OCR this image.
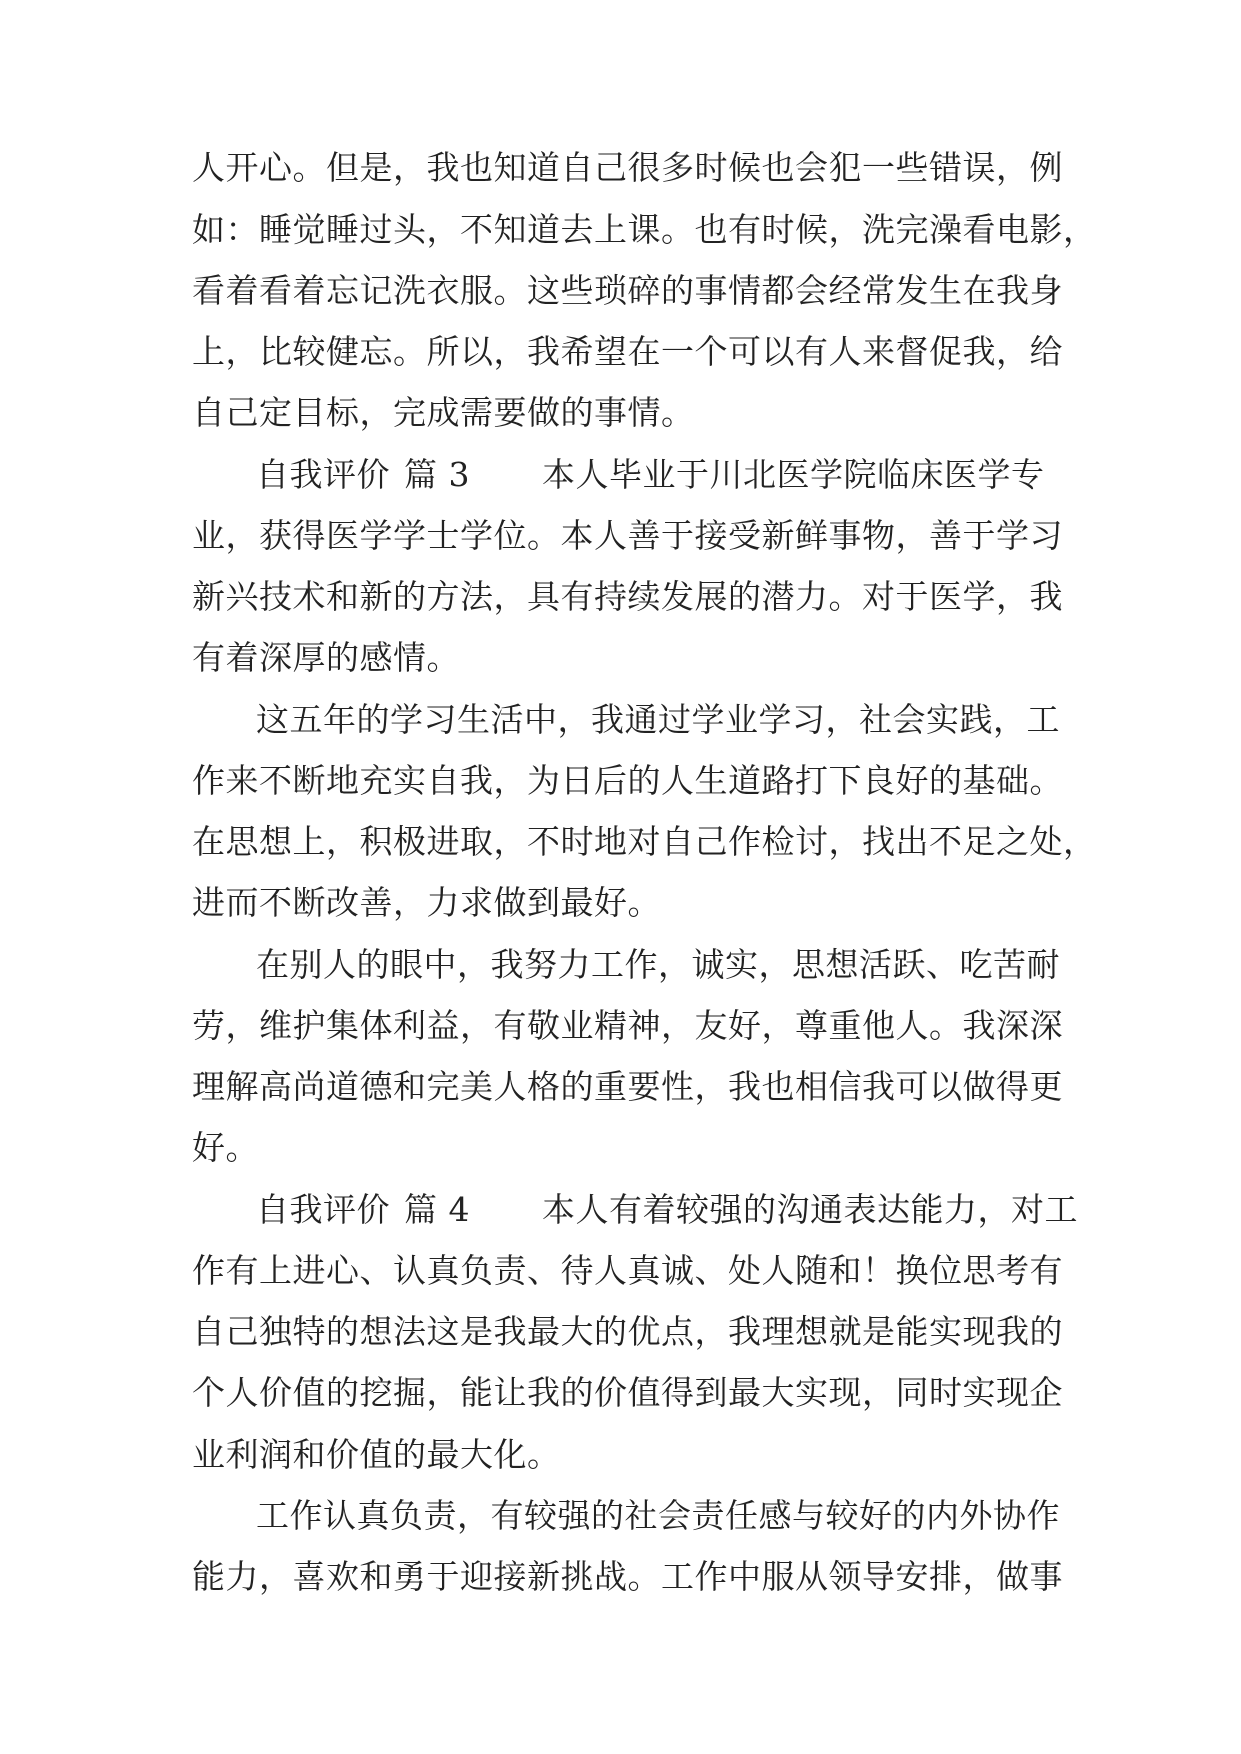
人开心。但是，我也知道自己很多时候也会犯一些错误，例
如：睡觉睡过头，不知道去上课。也有时候，洗完澡看电影，
看着看着忘记洗衣服。这些琐碎的事情都会经常发生在我身
上，比较健忘。所以，我希望在一个可以有人来督促我，给
自己定目标，完成需要做的事情。
自我评价 篇 3 本人毕业于川北医学院临床医学专
业，获得医学学士学位。本人善于接受新鲜事物，善于学习
新兴技术和新的方法，具有持续发展的潜力。对于医学，我
有着深厚的感情。
这五年的学习生活中，我通过学业学习，社会实践，工
作来不断地充实自我，为日后的人生道路打下良好的基础。
在思想上，积极进取，不时地对自己作检讨，找出不足之处，
进而不断改善，力求做到最好。
在别人的眼中，我努力工作，诚实，思想活跃、吃苦耐
劳，维护集体利益，有敬业精神，友好，尊重他人。我深深
理解高尚道德和完美人格的重要性，我也相信我可以做得更
好。
自我评价 篇 4 本人有着较强的沟通表达能力，对工
作有上进心、认真负责、待人真诚、处人随和！换位思考有
自己独特的想法这是我最大的优点，我理想就是能实现我的
个人价值的挖掘，能让我的价值得到最大实现，同时实现企
业利润和价值的最大化。
工作认真负责，有较强的社会责任感与较好的内外协作
能力，喜欢和勇于迎接新挑战。工作中服从领导安排，做事
